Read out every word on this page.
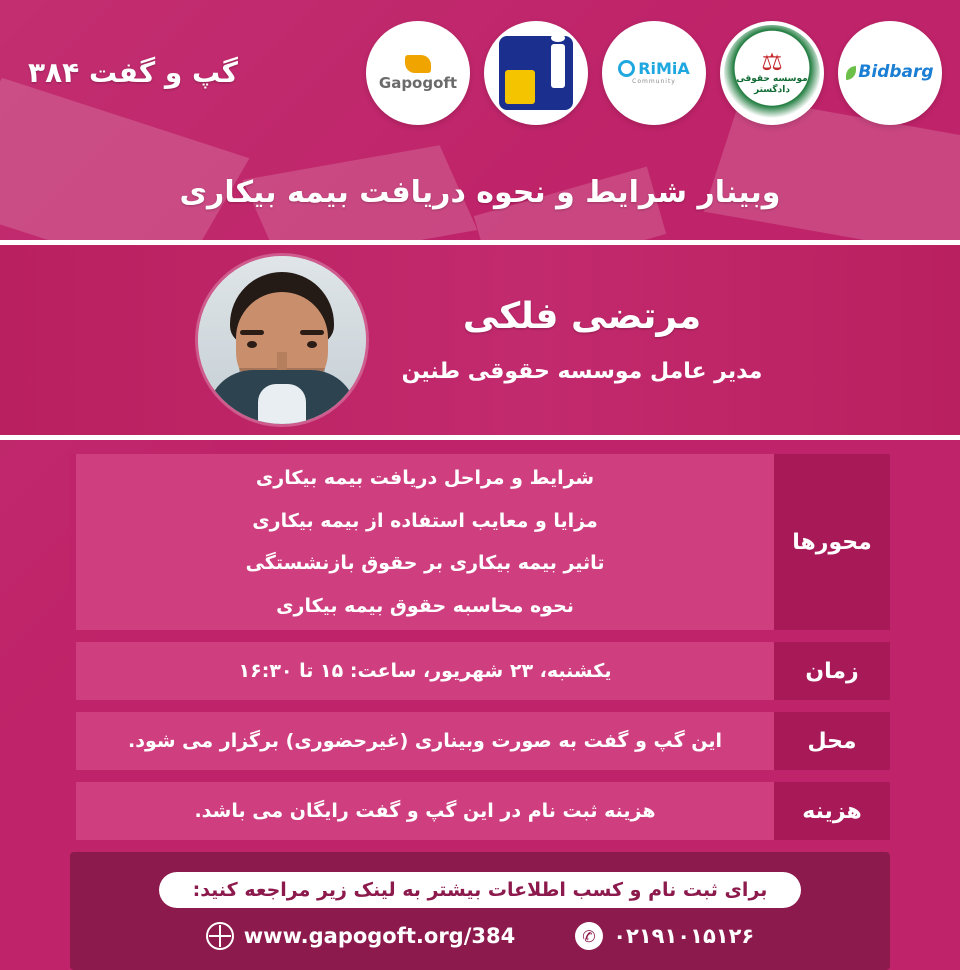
Gapogoft
RiMiA
Community
⚖
موسسه حقوقی دادگستر
Bidbarg
گپ و گفت ۳۸۴
وبینار شرایط و نحوه دریافت بیمه بیکاری
مرتضی فلکی
مدیر عامل موسسه حقوقی طنین
محورها
شرایط و مراحل دریافت بیمه بیکاری
مزایا و معایب استفاده از بیمه بیکاری
تاثیر بیمه بیکاری بر حقوق بازنشستگی
نحوه محاسبه حقوق بیمه بیکاری
زمان
یکشنبه، ۲۳ شهریور، ساعت: ۱۵ تا ۱۶:۳۰
محل
این گپ و گفت به صورت وبیناری (غیرحضوری) برگزار می شود.
هزینه
هزینه ثبت نام در این گپ و گفت رایگان می باشد.
برای ثبت نام و کسب اطلاعات بیشتر به لینک زیر مراجعه کنید:
✆ ۰۲۱۹۱۰۱۵۱۲۶
www.gapogoft.org/384
